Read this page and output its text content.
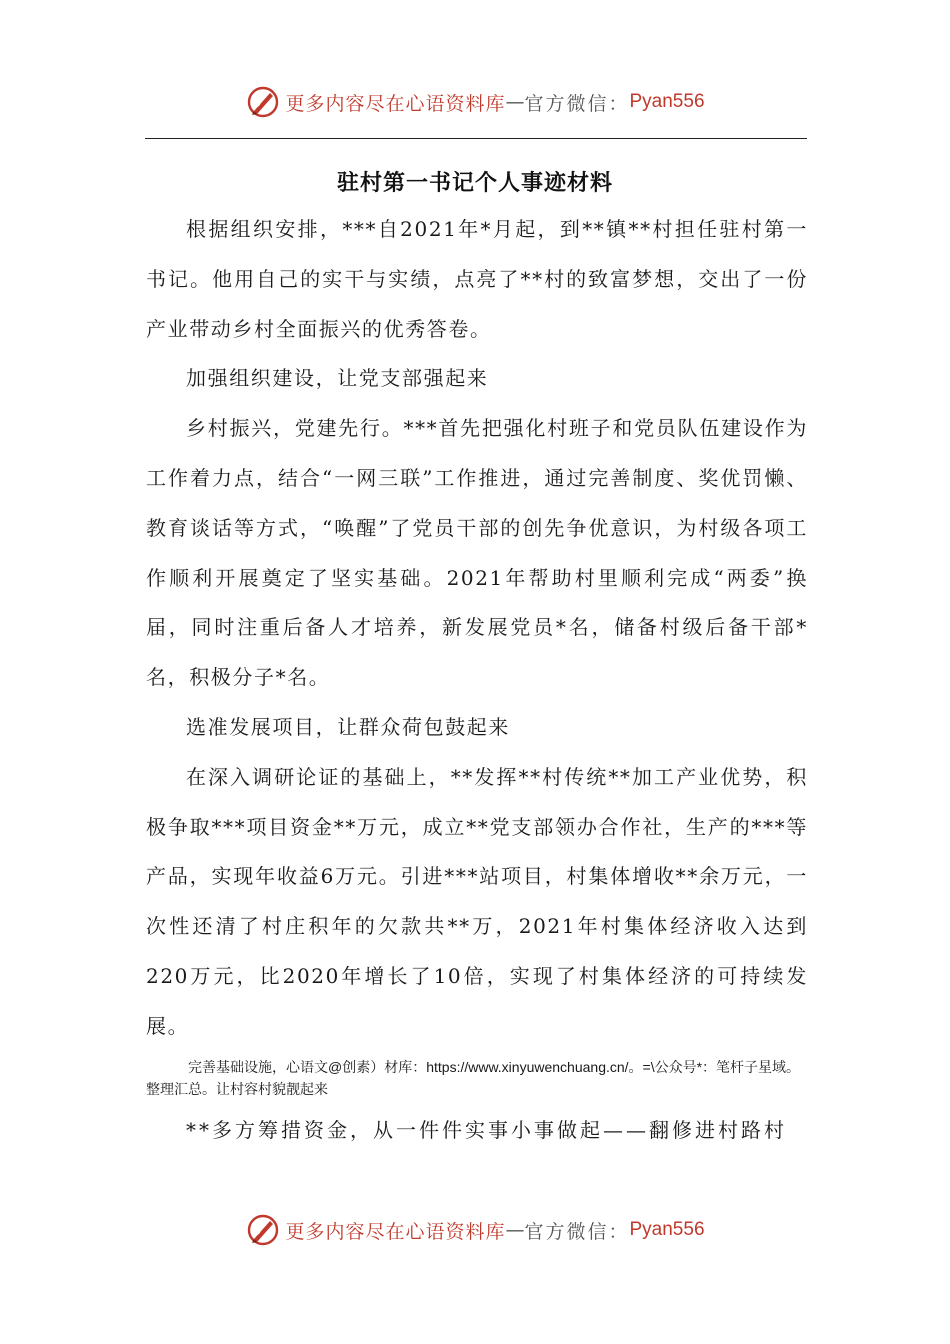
更多内容尽在心语资料库 — 官方微信： Pyan556
驻村第一书记个人事迹材料

根据组织安排，***自2021年*月起，到**镇**村担任驻村第一书记。他用自己的实干与实绩，点亮了**村的致富梦想，交出了一份产业带动乡村全面振兴的优秀答卷。

加强组织建设，让党支部强起来

乡村振兴，党建先行。***首先把强化村班子和党员队伍建设作为工作着力点，结合“一网三联”工作推进，通过完善制度、奖优罚懒、教育谈话等方式，“唤醒”了党员干部的创先争优意识，为村级各项工作顺利开展奠定了坚实基础。2021年帮助村里顺利完成“两委”换届，同时注重后备人才培养，新发展党员*名，储备村级后备干部*名，积极分子*名。

选准发展项目，让群众荷包鼓起来

在深入调研论证的基础上，**发挥**村传统**加工产业优势，积极争取***项目资金**万元，成立**党支部领办合作社，生产的***等产品，实现年收益6万元。引进***站项目，村集体增收**余万元，一次性还清了村庄积年的欠款共**万，2021年村集体经济收入达到220万元，比2020年增长了10倍，实现了村集体经济的可持续发展。

完善基础设施，心语文@创素）材库：https://www.xinyuwenchuang.cn/。=\公众号*：笔杆子星域。整理汇总。让村容村貌靓起来

**多方筹措资金，从一件件实事小事做起——翻修进村路村

更多内容尽在心语资料库 — 官方微信： Pyan556
